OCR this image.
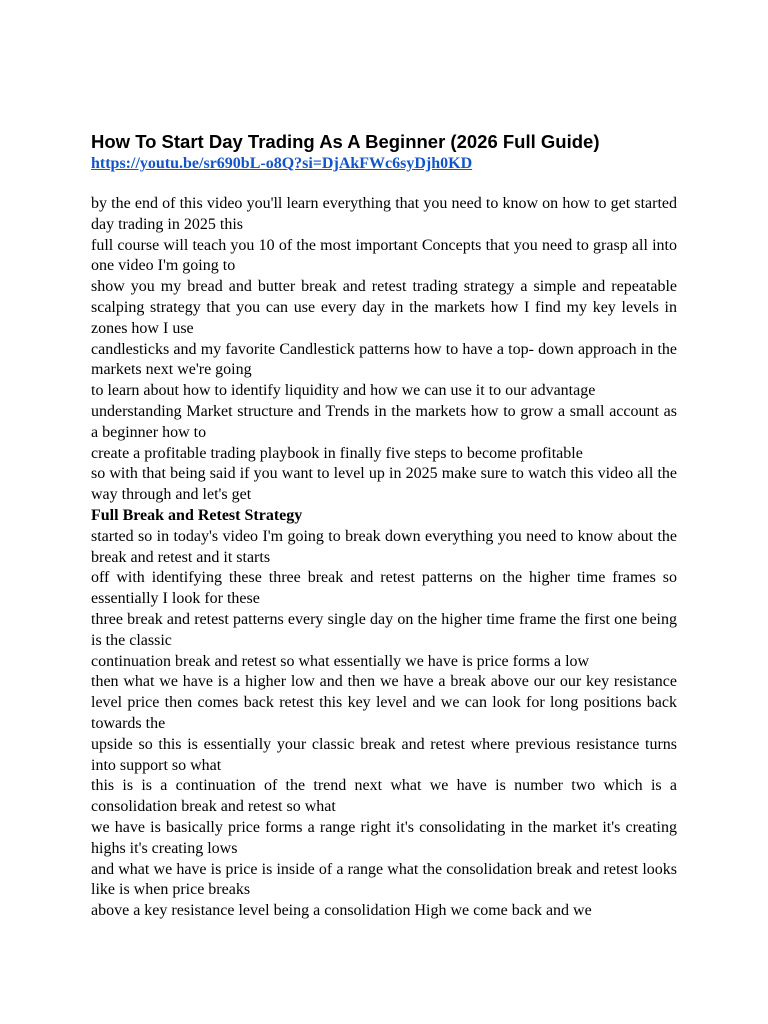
How To Start Day Trading As A Beginner (2026 Full Guide)
https://youtu.be/sr690bL-o8Q?si=DjAkFWc6syDjh0KD

by the end of this video you'll learn everything that you need to know on how to get started day trading in 2025 this

full course will teach you 10 of the most important Concepts that you need to grasp all into one video I'm going to

show you my bread and butter break and retest trading strategy a simple and repeatable scalping strategy that you can use every day in the markets how I find my key levels in zones how I use

candlesticks and my favorite Candlestick patterns how to have a top- down approach in the markets next we're going

to learn about how to identify liquidity and how we can use it to our advantage

understanding Market structure and Trends in the markets how to grow a small account as a beginner how to

create a profitable trading playbook in finally five steps to become profitable

so with that being said if you want to level up in 2025 make sure to watch this video all the way through and let's get

Full Break and Retest Strategy

started so in today's video I'm going to break down everything you need to know about the break and retest and it starts

off with identifying these three break and retest patterns on the higher time frames so essentially I look for these

three break and retest patterns every single day on the higher time frame the first one being is the classic

continuation break and retest so what essentially we have is price forms a low

then what we have is a higher low and then we have a break above our our key resistance level price then comes back retest this key level and we can look for long positions back towards the

upside so this is essentially your classic break and retest where previous resistance turns into support so what

this is is a continuation of the trend next what we have is number two which is a consolidation break and retest so what

we have is basically price forms a range right it's consolidating in the market it's creating highs it's creating lows

and what we have is price is inside of a range what the consolidation break and retest looks like is when price breaks

above a key resistance level being a consolidation High we come back and we
